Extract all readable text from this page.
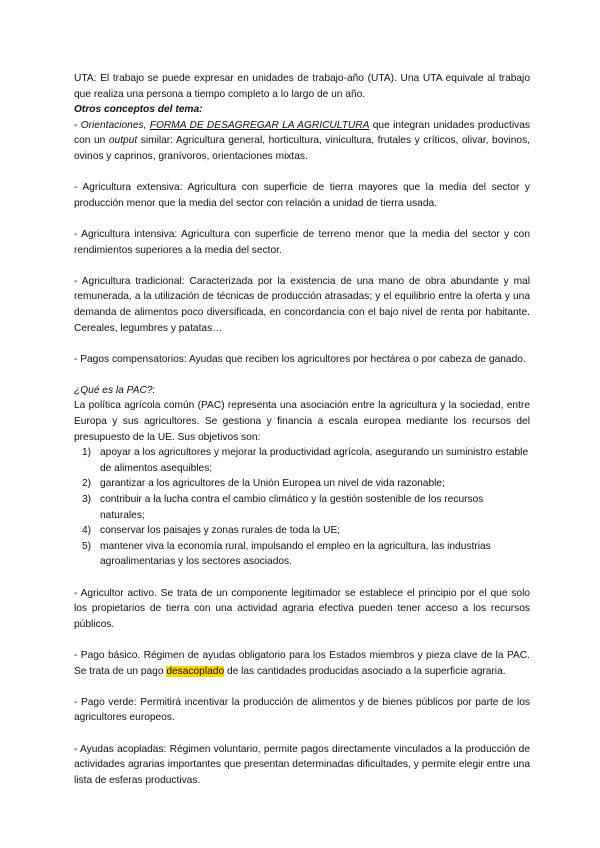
UTA: El trabajo se puede expresar en unidades de trabajo-año (UTA). Una UTA equivale al trabajo que realiza una persona a tiempo completo a lo largo de un año.

Otros conceptos del tema:

- Orientaciones, FORMA DE DESAGREGAR LA AGRICULTURA que integran unidades productivas con un output similar: Agricultura general, horticultura, vinicultura, frutales y críticos, olivar, bovinos, ovinos y caprinos, granívoros, orientaciones mixtas.

- Agricultura extensiva: Agricultura con superficie de tierra mayores que la media del sector y producción menor que la media del sector con relación a unidad de tierra usada.

- Agricultura intensiva: Agricultura con superficie de terreno menor que la media del sector y con rendimientos superiores a la media del sector.

- Agricultura tradicional: Caracterizada por la existencia de una mano de obra abundante y mal remunerada, a la utilización de técnicas de producción atrasadas; y el equilibrio entre la oferta y una demanda de alimentos poco diversificada, en concordancia con el bajo nivel de renta por habitante. Cereales, legumbres y patatas…

- Pagos compensatorios: Ayudas que reciben los agricultores por hectárea o por cabeza de ganado.

¿Qué es la PAC?:

La política agrícola común (PAC) representa una asociación entre la agricultura y la sociedad, entre Europa y sus agricultores. Se gestiona y financia a escala europea mediante los recursos del presupuesto de la UE. Sus objetivos son:

1) apoyar a los agricultores y mejorar la productividad agrícola, asegurando un suministro estable de alimentos asequibles;
2) garantizar a los agricultores de la Unión Europea un nivel de vida razonable;
3) contribuir a la lucha contra el cambio climático y la gestión sostenible de los recursos naturales;
4) conservar los paisajes y zonas rurales de toda la UE;
5) mantener viva la economía rural, impulsando el empleo en la agricultura, las industrias agroalimentarias y los sectores asociados.

- Agricultor activo. Se trata de un componente legitimador se establece el principio por el que solo los propietarios de tierra con una actividad agraria efectiva pueden tener acceso a los recursos públicos.

- Pago básico. Régimen de ayudas obligatorio para los Estados miembros y pieza clave de la PAC. Se trata de un pago desacoplado de las cantidades producidas asociado a la superficie agraria.

- Pago verde: Permitirá incentivar la producción de alimentos y de bienes públicos por parte de los agricultores europeos.

- Ayudas acopladas: Régimen voluntario, permite pagos directamente vinculados a la producción de actividades agrarias importantes que presentan determinadas dificultades, y permite elegir entre una lista de esferas productivas.
